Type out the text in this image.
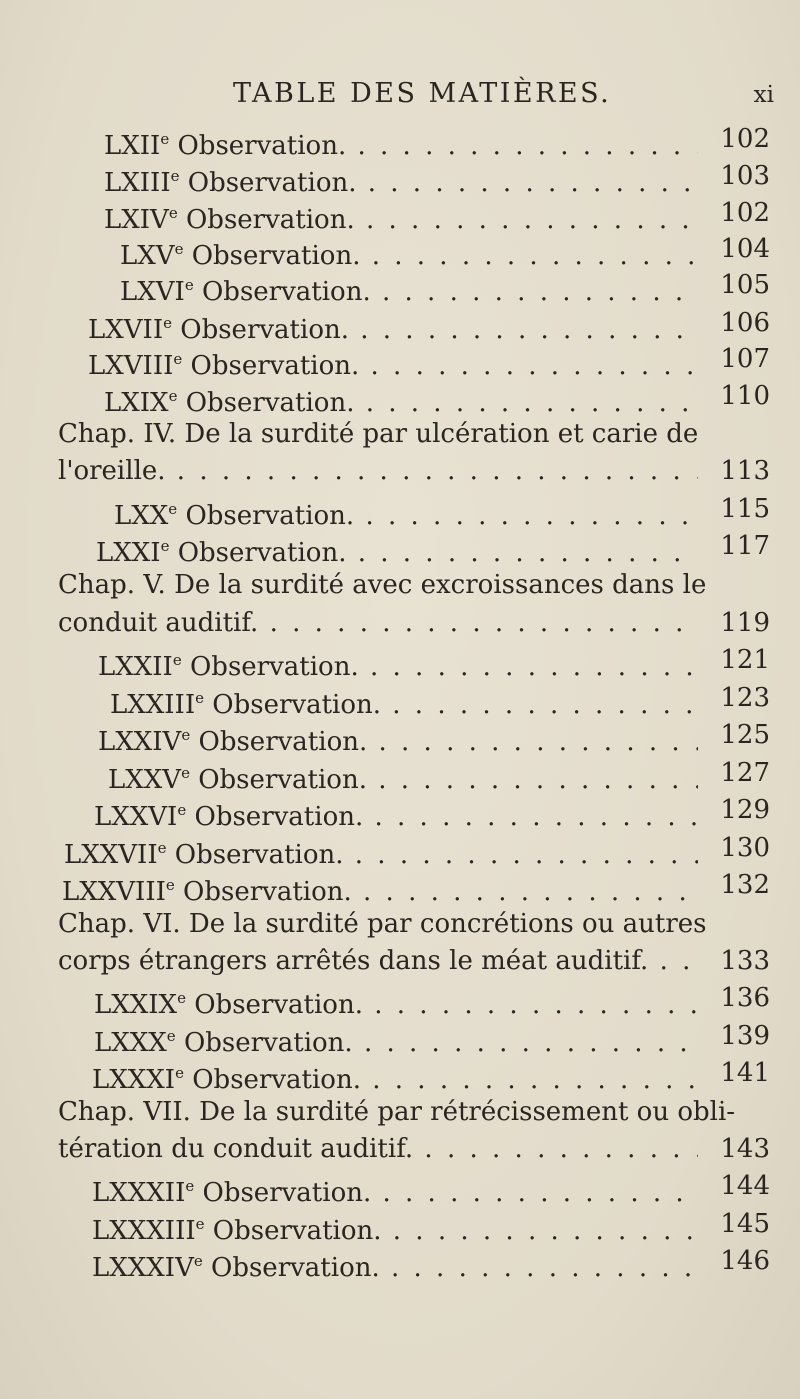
TABLE DES MATIÈRES.	xi
LXIIe Observation. . . .	102
LXIIIe Observation. . . .	103
LXIVe Observation. . . .	102
LXVe Observation. . . .	104
LXVIe Observation. . . .	105
LXVIIe Observation. . . .	106
LXVIIIe Observation. . . .	107
LXIXe Observation. . . .	110
Chap. IV. De la surdité par ulcération et carie de
l'oreille. . . .	113
LXXe Observation. . . .	115
LXXIe Observation. . . .	117
Chap. V. De la surdité avec excroissances dans le
conduit auditif. . . .	119
LXXIIe Observation. . . .	121
LXXIIIe Observation. . . .	123
LXXIVe Observation. . . .	125
LXXVe Observation. . . .	127
LXXVIe Observation. . . .	129
LXXVIIe Observation. . . .	130
LXXVIIIe Observation. . . .	132
Chap. VI. De la surdité par concrétions ou autres
corps étrangers arrêtés dans le méat auditif. . . .	133
LXXIXe Observation. . . .	136
LXXXe Observation. . . .	139
LXXXIe Observation. . . .	141
Chap. VII. De la surdité par rétrécissement ou obli-
tération du conduit auditif. . . .	143
LXXXIIe Observation. . . .	144
LXXXIIIe Observation. . . .	145
LXXXIVe Observation. . . .	146
